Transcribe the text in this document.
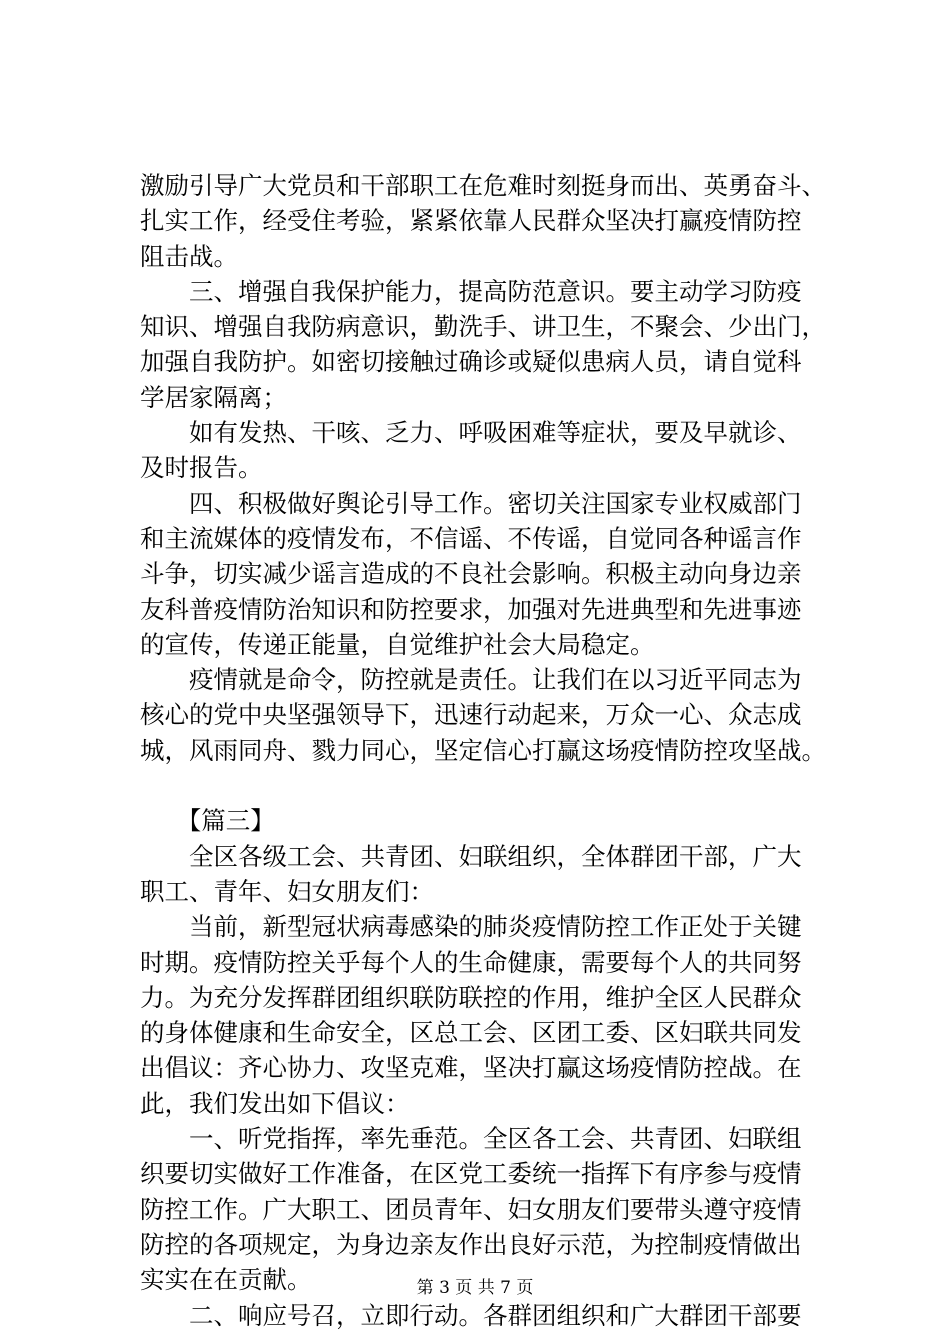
激励引导广大党员和干部职工在危难时刻挺身而出、英勇奋斗、
扎实工作，经受住考验，紧紧依靠人民群众坚决打赢疫情防控
阻击战。
　　三、增强自我保护能力，提高防范意识。要主动学习防疫
知识、增强自我防病意识，勤洗手、讲卫生，不聚会、少出门，
加强自我防护。如密切接触过确诊或疑似患病人员，请自觉科
学居家隔离；
　　如有发热、干咳、乏力、呼吸困难等症状，要及早就诊、
及时报告。
　　四、积极做好舆论引导工作。密切关注国家专业权威部门
和主流媒体的疫情发布，不信谣、不传谣，自觉同各种谣言作
斗争，切实减少谣言造成的不良社会影响。积极主动向身边亲
友科普疫情防治知识和防控要求，加强对先进典型和先进事迹
的宣传，传递正能量，自觉维护社会大局稳定。
　　疫情就是命令，防控就是责任。让我们在以习近平同志为
核心的党中央坚强领导下，迅速行动起来，万众一心、众志成
城，风雨同舟、戮力同心，坚定信心打赢这场疫情防控攻坚战。
　　【篇三】
　　全区各级工会、共青团、妇联组织，全体群团干部，广大
职工、青年、妇女朋友们：
　　当前，新型冠状病毒感染的肺炎疫情防控工作正处于关键
时期。疫情防控关乎每个人的生命健康，需要每个人的共同努
力。为充分发挥群团组织联防联控的作用，维护全区人民群众
的身体健康和生命安全，区总工会、区团工委、区妇联共同发
出倡议：齐心协力、攻坚克难，坚决打赢这场疫情防控战。在
此，我们发出如下倡议：
　　一、听党指挥，率先垂范。全区各工会、共青团、妇联组
织要切实做好工作准备，在区党工委统一指挥下有序参与疫情
防控工作。广大职工、团员青年、妇女朋友们要带头遵守疫情
防控的各项规定，为身边亲友作出良好示范，为控制疫情做出
实实在在贡献。
　　二、响应号召，立即行动。各群团组织和广大群团干部要
第 3 页 共 7 页
